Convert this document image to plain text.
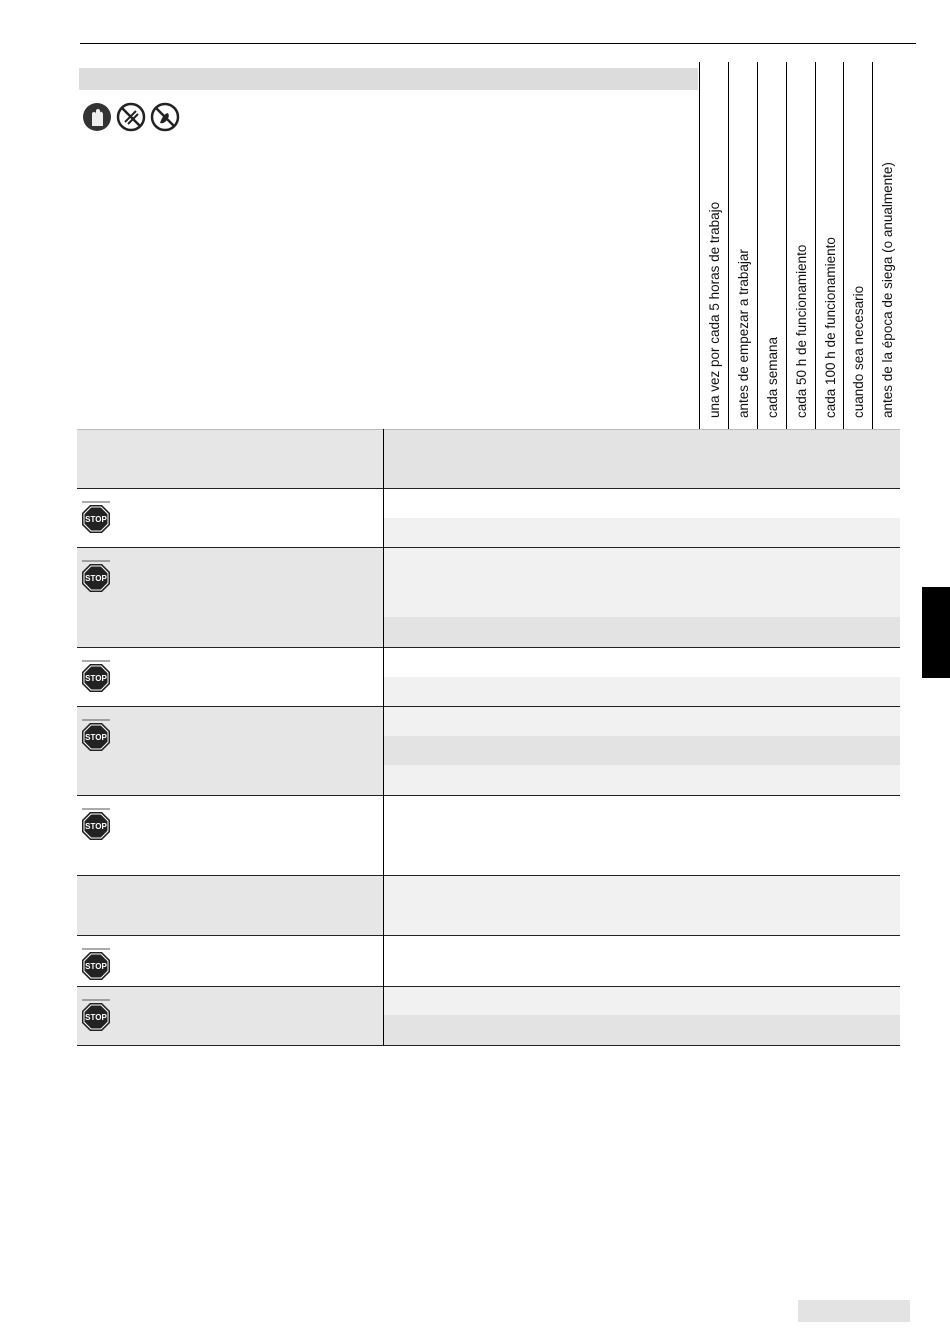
una vez por cada 5 horas de trabajo antes de empezar a trabajar cada semana cada 50 h de funcionamiento cada 100 h de funcionamiento cuando sea necesario antes de la época de siega (o anualmente)
STOP
STOP
STOP
STOP
STOP
STOP
STOP
